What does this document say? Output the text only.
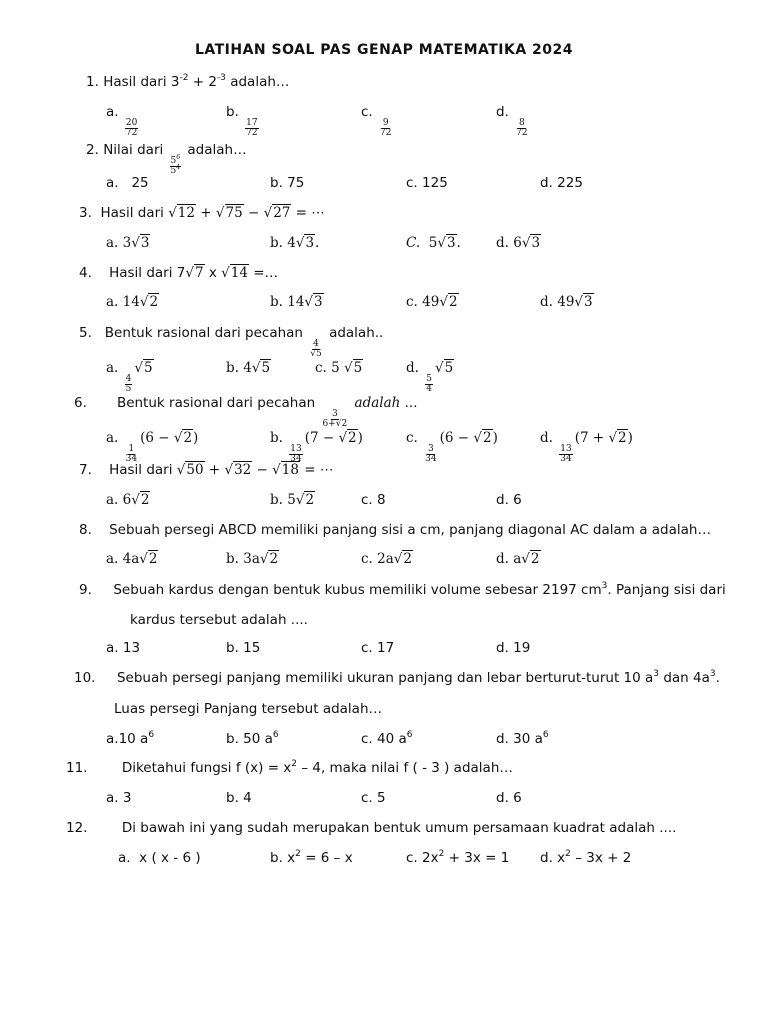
LATIHAN SOAL PAS GENAP MATEMATIKA 2024
1. Hasil dari $3^{-2} + 2^{-3}$ adalah…
a.
$\frac{20}{72}$
b.
$\frac{17}{72}$
c.
$\frac{9}{72}$
d.
$\frac{8}{72}$
2. Nilai dari
$\frac{5^6}{5^4}$
adalah…
a. 25	b. 75	c. 125	d. 225
3. Hasil dari √12 + √75 − √27 = ⋯
a. 3√3	b. 4√3.	C. 5√3.	d. 6√3
4. Hasil dari 7√7 x √14 =…
a. 14√2	b. 14√3	c. 49√2	d. 49√3
5. Bentuk rasional dari pecahan
$\frac{4}{√5}$
adalah..
a.
$\frac{4}{5}$
√5	b. 4√5	c. 5 √5	d.
$\frac{5}{4}$
√5
6. Bentuk rasional dari pecahan
$\frac{3}{6+√2}$
adalah ...
a.
$\frac{1}{34}$
(6 − √2)	b.
$\frac{13}{34}$
(7 − √2)	c.
$\frac{3}{34}$
(6 − √2)	d.
$\frac{13}{34}$
(7 + √2)
7. Hasil dari √50 + √32 − √18 = ⋯
a. 6√2	b. 5√2	c. 8	d. 6
8. Sebuah persegi ABCD memiliki panjang sisi a cm, panjang diagonal AC dalam a adalah…
a. 4a√2	b. 3a√2	c. 2a√2	d. a√2
9. Sebuah kardus dengan bentuk kubus memiliki volume sebesar 2197 $cm^3$. Panjang sisi dari
kardus tersebut adalah ....
a. 13	b. 15	c. 17	d. 19
10. Sebuah persegi panjang memiliki ukuran panjang dan lebar berturut-turut 10 $a^3$ dan $4a^3$.
Luas persegi Panjang tersebut adalah…
a.10 $a^6$	b. 50 $a^6$	c. 40 $a^6$	d. 30 $a^6$
11.	Diketahui fungsi f $(x) = x^2 - 4$, maka nilai f ( - 3 ) adalah…
a. 3	b. 4	c. 5	d. 6
12.	Di bawah ini yang sudah merupakan bentuk umum persamaan kuadrat adalah ....
a. x ( x - 6 )	b. $x^2 = 6 - x$	c. $2x^2 + 3x = 1$ d. $x^2 - 3x + 2$
